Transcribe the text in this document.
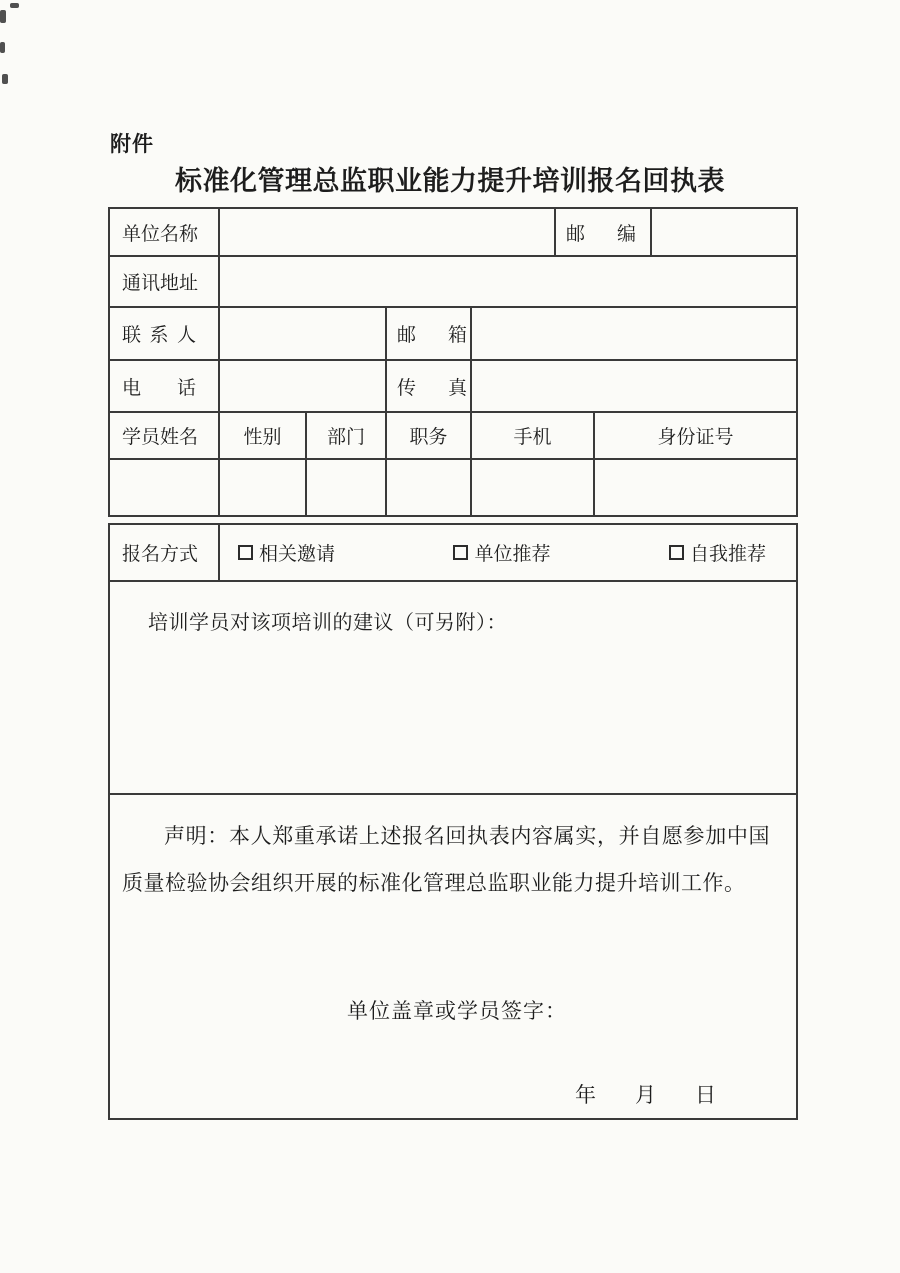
附件
标准化管理总监职业能力提升培训报名回执表
单位名称	邮编
通讯地址
联系人	邮箱
电话	传真
学员姓名	性别	部门	职务	手机	身份证号
报名方式	相关邀请	单位推荐	自我推荐
培训学员对该项培训的建议（可另附）：

声明：本人郑重承诺上述报名回执表内容属实，并自愿参加中国质量检验协会组织开展的标准化管理总监职业能力提升培训工作。

单位盖章或学员签字：
年 月 日
